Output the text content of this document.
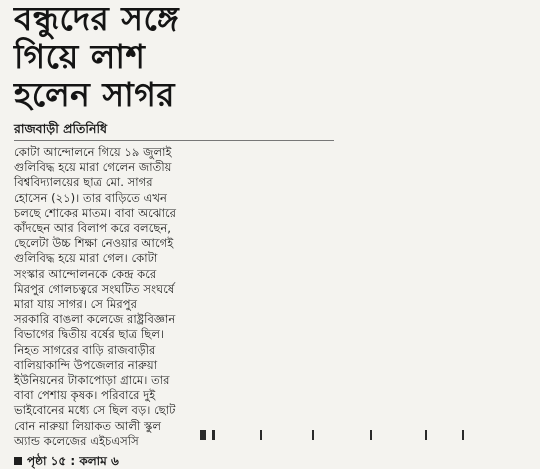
বন্ধুদের সঙ্গে
গিয়ে লাশ
হলেন সাগর
রাজবাড়ী প্রতিনিধি
কোটা আন্দোলনে গিয়ে ১৯ জুলাই
গুলিবিদ্ধ হয়ে মারা গেলেন জাতীয়
বিশ্ববিদ্যালয়ের ছাত্র মো. সাগর
হোসেন (২১)। তার বাড়িতে এখন
চলছে শোকের মাতম। বাবা অঝোরে
কাঁদছেন আর বিলাপ করে বলছেন,
ছেলেটা উচ্চ শিক্ষা নেওয়ার আগেই
গুলিবিদ্ধ হয়ে মারা গেল। কোটা
সংস্কার আন্দোলনকে কেন্দ্র করে
মিরপুর গোলচত্বরে সংঘটিত সংঘর্ষে
মারা যায় সাগর। সে মিরপুর
সরকারি বাঙলা কলেজে রাষ্ট্রবিজ্ঞান
বিভাগের দ্বিতীয় বর্ষের ছাত্র ছিল।
নিহত সাগরের বাড়ি রাজবাড়ীর
বালিয়াকান্দি উপজেলার নারুয়া
ইউনিয়নের টাকাপোড়া গ্রামে। তার
বাবা পেশায় কৃষক। পরিবারে দুই
ভাইবোনের মধ্যে সে ছিল বড়। ছোট
বোন নারুয়া লিয়াকত আলী স্কুল
অ্যান্ড কলেজের এইচএসসি
পৃষ্ঠা ১৫ : কলাম ৬
